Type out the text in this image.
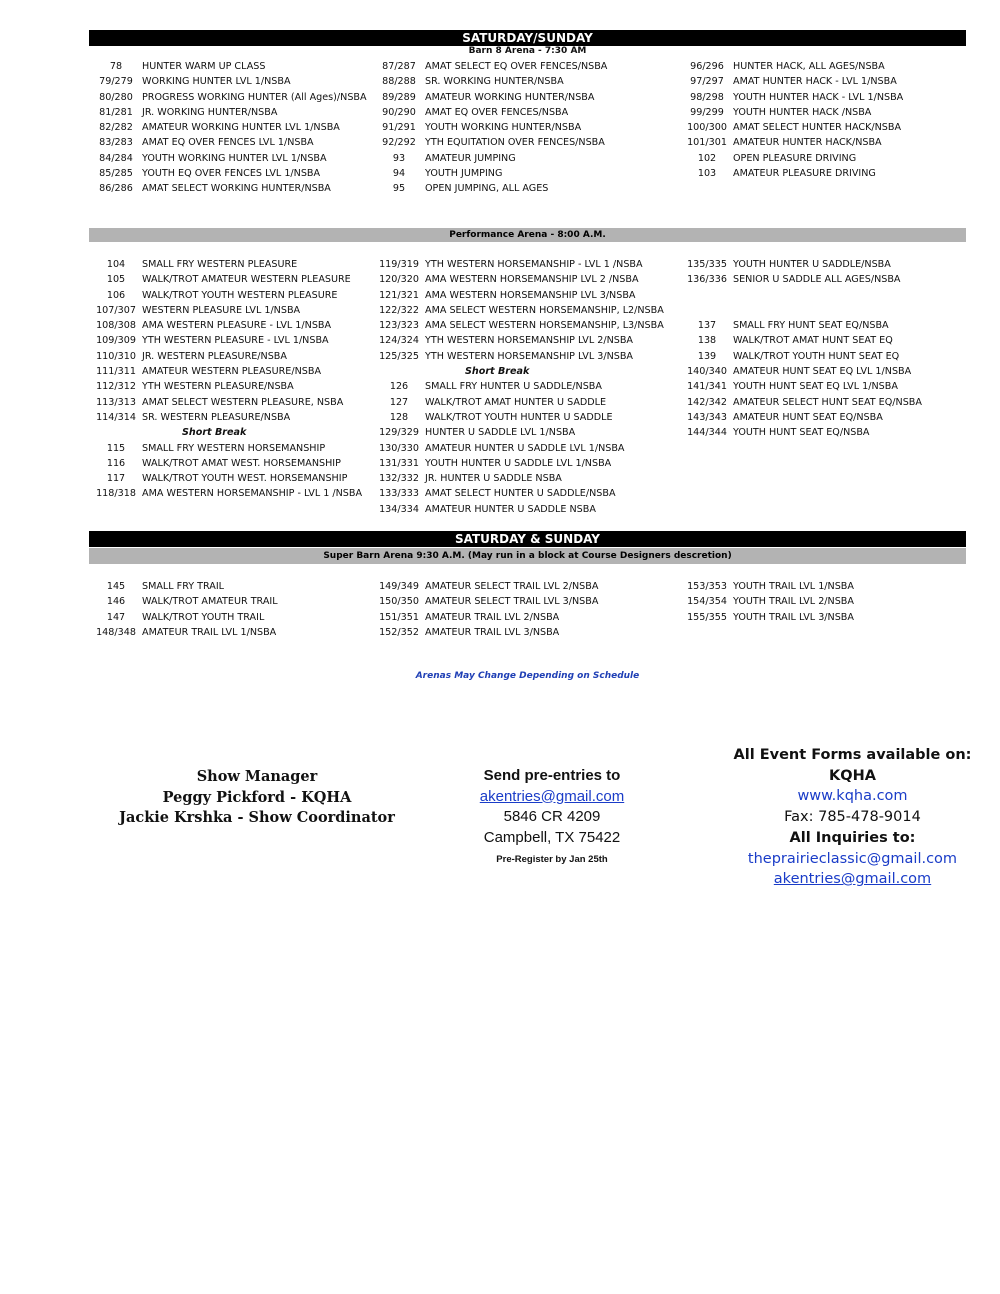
SATURDAY/SUNDAY
Barn 8 Arena - 7:30 AM
78 HUNTER WARM UP CLASS
79/279 WORKING HUNTER LVL 1/NSBA
80/280 PROGRESS WORKING HUNTER (All Ages)/NSBA
81/281 JR. WORKING HUNTER/NSBA
82/282 AMATEUR WORKING HUNTER LVL 1/NSBA
83/283 AMAT EQ OVER FENCES LVL 1/NSBA
84/284 YOUTH WORKING HUNTER LVL 1/NSBA
85/285 YOUTH EQ OVER FENCES LVL 1/NSBA
86/286 AMAT SELECT WORKING HUNTER/NSBA
87/287 AMAT SELECT EQ OVER FENCES/NSBA
88/288 SR. WORKING HUNTER/NSBA
89/289 AMATEUR WORKING HUNTER/NSBA
90/290 AMAT EQ OVER FENCES/NSBA
91/291 YOUTH WORKING HUNTER/NSBA
92/292 YTH EQUITATION OVER FENCES/NSBA
93 AMATEUR JUMPING
94 YOUTH JUMPING
95 OPEN JUMPING, ALL AGES
96/296 HUNTER HACK, ALL AGES/NSBA
97/297 AMAT HUNTER HACK - LVL 1/NSBA
98/298 YOUTH HUNTER HACK - LVL 1/NSBA
99/299 YOUTH HUNTER HACK /NSBA
100/300 AMAT SELECT HUNTER HACK/NSBA
101/301 AMATEUR HUNTER HACK/NSBA
102 OPEN PLEASURE DRIVING
103 AMATEUR PLEASURE DRIVING
Performance Arena - 8:00 A.M.
104 SMALL FRY WESTERN PLEASURE
105 WALK/TROT AMATEUR WESTERN PLEASURE
106 WALK/TROT YOUTH WESTERN PLEASURE
107/307 WESTERN PLEASURE LVL 1/NSBA
108/308 AMA WESTERN PLEASURE - LVL 1/NSBA
109/309 YTH WESTERN PLEASURE - LVL 1/NSBA
110/310 JR. WESTERN PLEASURE/NSBA
111/311 AMATEUR WESTERN PLEASURE/NSBA
112/312 YTH WESTERN PLEASURE/NSBA
113/313 AMAT SELECT WESTERN PLEASURE, NSBA
114/314 SR. WESTERN PLEASURE/NSBA
Short Break
115 SMALL FRY WESTERN HORSEMANSHIP
116 WALK/TROT AMAT WEST. HORSEMANSHIP
117 WALK/TROT YOUTH WEST. HORSEMANSHIP
118/318 AMA WESTERN HORSEMANSHIP - LVL 1 /NSBA
119/319 YTH WESTERN HORSEMANSHIP - LVL 1 /NSBA
120/320 AMA WESTERN HORSEMANSHIP LVL 2 /NSBA
121/321 AMA WESTERN HORSEMANSHIP LVL 3/NSBA
122/322 AMA SELECT WESTERN HORSEMANSHIP, L2/NSBA
123/323 AMA SELECT WESTERN HORSEMANSHIP, L3/NSBA
124/324 YTH WESTERN HORSEMANSHIP LVL 2/NSBA
125/325 YTH WESTERN HORSEMANSHIP LVL 3/NSBA
Short Break
126 SMALL FRY HUNTER U SADDLE/NSBA
127 WALK/TROT AMAT HUNTER U SADDLE
128 WALK/TROT YOUTH HUNTER U SADDLE
129/329 HUNTER U SADDLE LVL 1/NSBA
130/330 AMATEUR HUNTER U SADDLE LVL 1/NSBA
131/331 YOUTH HUNTER U SADDLE LVL 1/NSBA
132/332 JR. HUNTER U SADDLE NSBA
133/333 AMAT SELECT HUNTER U SADDLE/NSBA
134/334 AMATEUR HUNTER U SADDLE NSBA
135/335 YOUTH HUNTER U SADDLE/NSBA
136/336 SENIOR U SADDLE ALL AGES/NSBA
137 SMALL FRY HUNT SEAT EQ/NSBA
138 WALK/TROT AMAT HUNT SEAT EQ
139 WALK/TROT YOUTH HUNT SEAT EQ
140/340 AMATEUR HUNT SEAT EQ LVL 1/NSBA
141/341 YOUTH HUNT SEAT EQ LVL 1/NSBA
142/342 AMATEUR SELECT HUNT SEAT EQ/NSBA
143/343 AMATEUR HUNT SEAT EQ/NSBA
144/344 YOUTH HUNT SEAT EQ/NSBA
SATURDAY & SUNDAY
Super Barn Arena 9:30 A.M. (May run in a block at Course Designers descretion)
145 SMALL FRY TRAIL
146 WALK/TROT AMATEUR TRAIL
147 WALK/TROT YOUTH TRAIL
148/348 AMATEUR TRAIL LVL 1/NSBA
149/349 AMATEUR SELECT TRAIL LVL 2/NSBA
150/350 AMATEUR SELECT TRAIL LVL 3/NSBA
151/351 AMATEUR TRAIL LVL 2/NSBA
152/352 AMATEUR TRAIL LVL 3/NSBA
153/353 YOUTH TRAIL LVL 1/NSBA
154/354 YOUTH TRAIL LVL 2/NSBA
155/355 YOUTH TRAIL LVL 3/NSBA
Arenas May Change Depending on Schedule
Show Manager
Peggy Pickford - KQHA
Jackie Krshka - Show Coordinator
Send pre-entries to
akentries@gmail.com
5846 CR 4209
Campbell, TX 75422
Pre-Register by Jan 25th
All Event Forms available on:
KQHA
www.kqha.com
Fax: 785-478-9014
All Inquiries to:
theprairieclassic@gmail.com
akentries@gmail.com
